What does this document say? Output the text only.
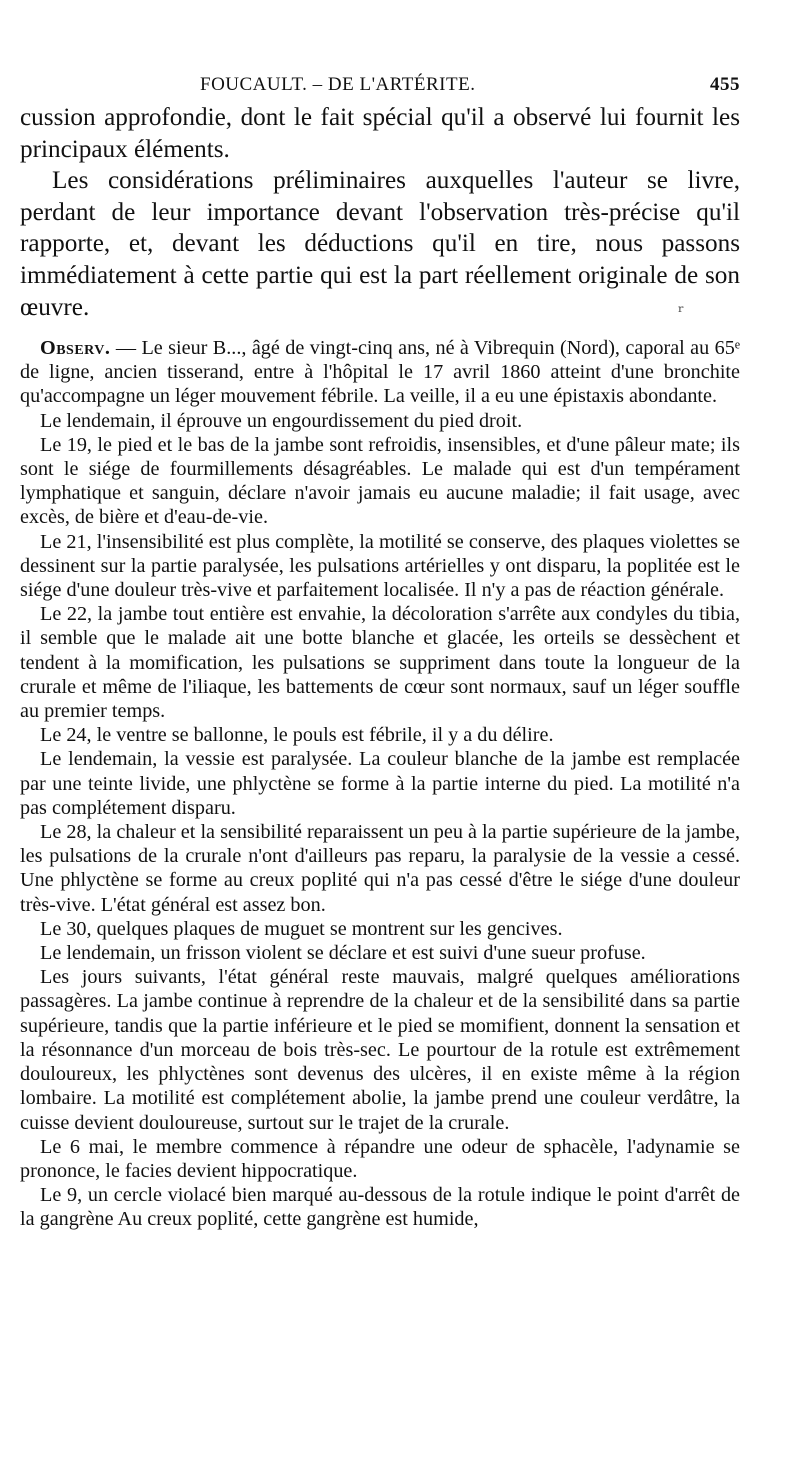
FOUCAULT. – DE L'ARTÉRITE.	455

cussion approfondie, dont le fait spécial qu'il a observé lui fournit les principaux éléments.

Les considérations préliminaires auxquelles l'auteur se livre, perdant de leur importance devant l'observation très-précise qu'il rapporte, et, devant les déductions qu'il en tire, nous passons immédiatement à cette partie qui est la part réellement originale de son œuvre.	ʳ

Observ. — Le sieur B..., âgé de vingt-cinq ans, né à Vibrequin (Nord), caporal au 65ᵉ de ligne, ancien tisserand, entre à l'hôpital le 17 avril 1860 atteint d'une bronchite qu'accompagne un léger mouvement fébrile. La veille, il a eu une épistaxis abondante.

Le lendemain, il éprouve un engourdissement du pied droit.

Le 19, le pied et le bas de la jambe sont refroidis, insensibles, et d'une pâleur mate; ils sont le siége de fourmillements désagréables. Le malade qui est d'un tempérament lymphatique et sanguin, déclare n'avoir jamais eu aucune maladie; il fait usage, avec excès, de bière et d'eau-de-vie.

Le 21, l'insensibilité est plus complète, la motilité se conserve, des plaques violettes se dessinent sur la partie paralysée, les pulsations artérielles y ont disparu, la poplitée est le siége d'une douleur très-vive et parfaitement localisée. Il n'y a pas de réaction générale.

Le 22, la jambe tout entière est envahie, la décoloration s'arrête aux condyles du tibia, il semble que le malade ait une botte blanche et glacée, les orteils se dessèchent et tendent à la momification, les pulsations se suppriment dans toute la longueur de la crurale et même de l'iliaque, les battements de cœur sont normaux, sauf un léger souffle au premier temps.

Le 24, le ventre se ballonne, le pouls est fébrile, il y a du délire.

Le lendemain, la vessie est paralysée. La couleur blanche de la jambe est remplacée par une teinte livide, une phlyctène se forme à la partie interne du pied. La motilité n'a pas complétement disparu.

Le 28, la chaleur et la sensibilité reparaissent un peu à la partie supérieure de la jambe, les pulsations de la crurale n'ont d'ailleurs pas reparu, la paralysie de la vessie a cessé. Une phlyctène se forme au creux poplité qui n'a pas cessé d'être le siége d'une douleur très-vive. L'état général est assez bon.

Le 30, quelques plaques de muguet se montrent sur les gencives.

Le lendemain, un frisson violent se déclare et est suivi d'une sueur profuse.

Les jours suivants, l'état général reste mauvais, malgré quelques améliorations passagères. La jambe continue à reprendre de la chaleur et de la sensibilité dans sa partie supérieure, tandis que la partie inférieure et le pied se momifient, donnent la sensation et la résonnance d'un morceau de bois très-sec. Le pourtour de la rotule est extrêmement douloureux, les phlyctènes sont devenus des ulcères, il en existe même à la région lombaire. La motilité est complétement abolie, la jambe prend une couleur verdâtre, la cuisse devient douloureuse, surtout sur le trajet de la crurale.

Le 6 mai, le membre commence à répandre une odeur de sphacèle, l'adynamie se prononce, le facies devient hippocratique.

Le 9, un cercle violacé bien marqué au-dessous de la rotule indique le point d'arrêt de la gangrène Au creux poplité, cette gangrène est humide,
